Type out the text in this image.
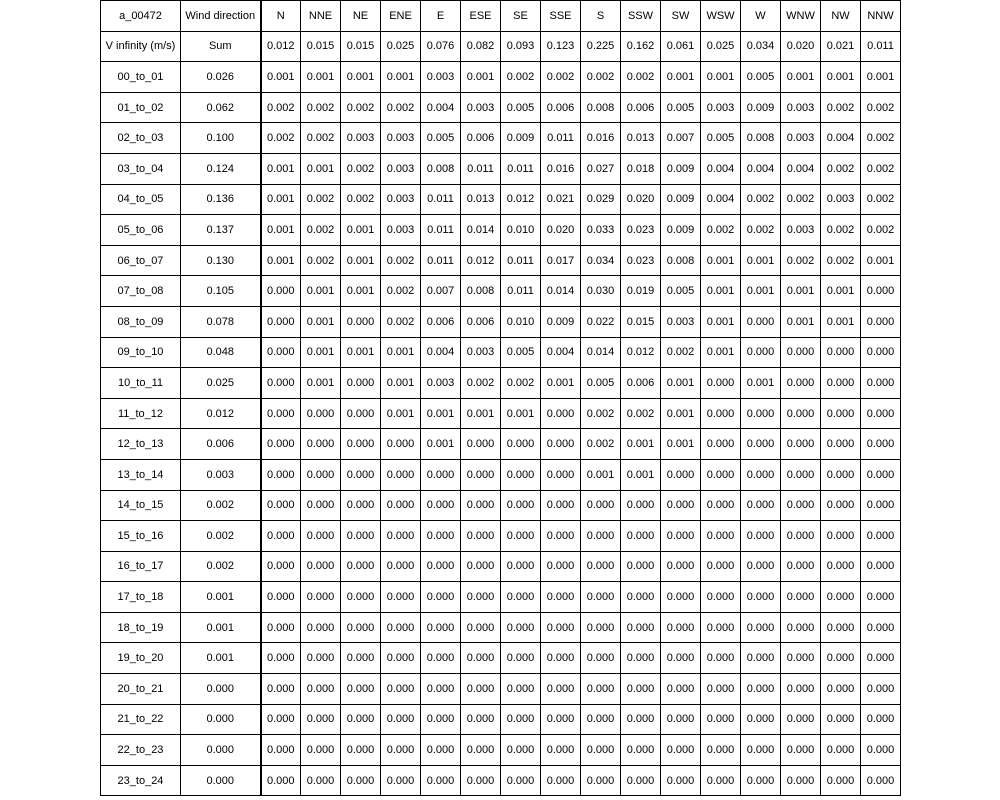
a_00472	Wind direction	N	NNE	NE	ENE	E	ESE	SE	SSE	S	SSW	SW	WSW	W	WNW	NW	NNW
V infinity (m/s)	Sum	0.012	0.015	0.015	0.025	0.076	0.082	0.093	0.123	0.225	0.162	0.061	0.025	0.034	0.020	0.021	0.011
00_to_01	0.026	0.001	0.001	0.001	0.001	0.003	0.001	0.002	0.002	0.002	0.002	0.001	0.001	0.005	0.001	0.001	0.001
01_to_02	0.062	0.002	0.002	0.002	0.002	0.004	0.003	0.005	0.006	0.008	0.006	0.005	0.003	0.009	0.003	0.002	0.002
02_to_03	0.100	0.002	0.002	0.003	0.003	0.005	0.006	0.009	0.011	0.016	0.013	0.007	0.005	0.008	0.003	0.004	0.002
03_to_04	0.124	0.001	0.001	0.002	0.003	0.008	0.011	0.011	0.016	0.027	0.018	0.009	0.004	0.004	0.004	0.002	0.002
04_to_05	0.136	0.001	0.002	0.002	0.003	0.011	0.013	0.012	0.021	0.029	0.020	0.009	0.004	0.002	0.002	0.003	0.002
05_to_06	0.137	0.001	0.002	0.001	0.003	0.011	0.014	0.010	0.020	0.033	0.023	0.009	0.002	0.002	0.003	0.002	0.002
06_to_07	0.130	0.001	0.002	0.001	0.002	0.011	0.012	0.011	0.017	0.034	0.023	0.008	0.001	0.001	0.002	0.002	0.001
07_to_08	0.105	0.000	0.001	0.001	0.002	0.007	0.008	0.011	0.014	0.030	0.019	0.005	0.001	0.001	0.001	0.001	0.000
08_to_09	0.078	0.000	0.001	0.000	0.002	0.006	0.006	0.010	0.009	0.022	0.015	0.003	0.001	0.000	0.001	0.001	0.000
09_to_10	0.048	0.000	0.001	0.001	0.001	0.004	0.003	0.005	0.004	0.014	0.012	0.002	0.001	0.000	0.000	0.000	0.000
10_to_11	0.025	0.000	0.001	0.000	0.001	0.003	0.002	0.002	0.001	0.005	0.006	0.001	0.000	0.001	0.000	0.000	0.000
11_to_12	0.012	0.000	0.000	0.000	0.001	0.001	0.001	0.001	0.000	0.002	0.002	0.001	0.000	0.000	0.000	0.000	0.000
12_to_13	0.006	0.000	0.000	0.000	0.000	0.001	0.000	0.000	0.000	0.002	0.001	0.001	0.000	0.000	0.000	0.000	0.000
13_to_14	0.003	0.000	0.000	0.000	0.000	0.000	0.000	0.000	0.000	0.001	0.001	0.000	0.000	0.000	0.000	0.000	0.000
14_to_15	0.002	0.000	0.000	0.000	0.000	0.000	0.000	0.000	0.000	0.000	0.000	0.000	0.000	0.000	0.000	0.000	0.000
15_to_16	0.002	0.000	0.000	0.000	0.000	0.000	0.000	0.000	0.000	0.000	0.000	0.000	0.000	0.000	0.000	0.000	0.000
16_to_17	0.002	0.000	0.000	0.000	0.000	0.000	0.000	0.000	0.000	0.000	0.000	0.000	0.000	0.000	0.000	0.000	0.000
17_to_18	0.001	0.000	0.000	0.000	0.000	0.000	0.000	0.000	0.000	0.000	0.000	0.000	0.000	0.000	0.000	0.000	0.000
18_to_19	0.001	0.000	0.000	0.000	0.000	0.000	0.000	0.000	0.000	0.000	0.000	0.000	0.000	0.000	0.000	0.000	0.000
19_to_20	0.001	0.000	0.000	0.000	0.000	0.000	0.000	0.000	0.000	0.000	0.000	0.000	0.000	0.000	0.000	0.000	0.000
20_to_21	0.000	0.000	0.000	0.000	0.000	0.000	0.000	0.000	0.000	0.000	0.000	0.000	0.000	0.000	0.000	0.000	0.000
21_to_22	0.000	0.000	0.000	0.000	0.000	0.000	0.000	0.000	0.000	0.000	0.000	0.000	0.000	0.000	0.000	0.000	0.000
22_to_23	0.000	0.000	0.000	0.000	0.000	0.000	0.000	0.000	0.000	0.000	0.000	0.000	0.000	0.000	0.000	0.000	0.000
23_to_24	0.000	0.000	0.000	0.000	0.000	0.000	0.000	0.000	0.000	0.000	0.000	0.000	0.000	0.000	0.000	0.000	0.000
